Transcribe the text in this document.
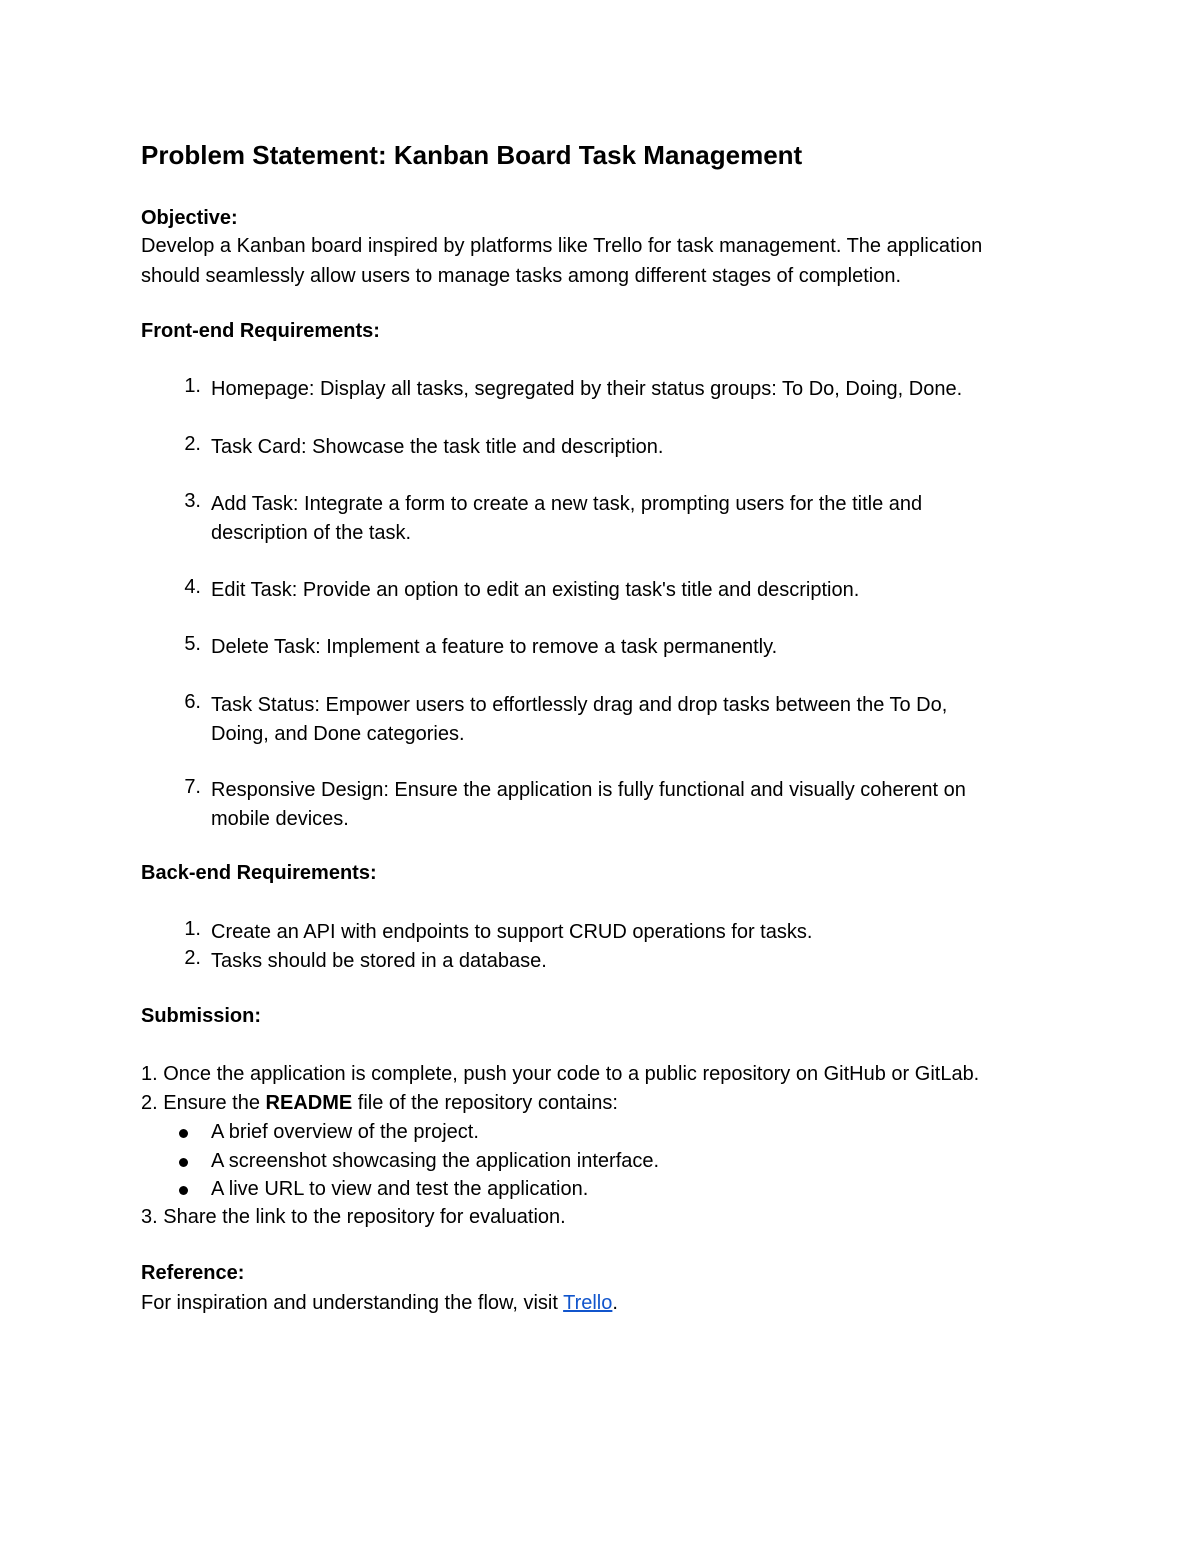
Problem Statement: Kanban Board Task Management
Objective:
Develop a Kanban board inspired by platforms like Trello for task management. The application
should seamlessly allow users to manage tasks among different stages of completion.
Front-end Requirements:
1. Homepage: Display all tasks, segregated by their status groups: To Do, Doing, Done.
2. Task Card: Showcase the task title and description.
3. Add Task: Integrate a form to create a new task, prompting users for the title and
description of the task.
4. Edit Task: Provide an option to edit an existing task's title and description.
5. Delete Task: Implement a feature to remove a task permanently.
6. Task Status: Empower users to effortlessly drag and drop tasks between the To Do,
Doing, and Done categories.
7. Responsive Design: Ensure the application is fully functional and visually coherent on
mobile devices.
Back-end Requirements:
1. Create an API with endpoints to support CRUD operations for tasks.
2. Tasks should be stored in a database.
Submission:
1. Once the application is complete, push your code to a public repository on GitHub or GitLab.
2. Ensure the README file of the repository contains:
A brief overview of the project.
A screenshot showcasing the application interface.
A live URL to view and test the application.
3. Share the link to the repository for evaluation.
Reference:
For inspiration and understanding the flow, visit Trello.
